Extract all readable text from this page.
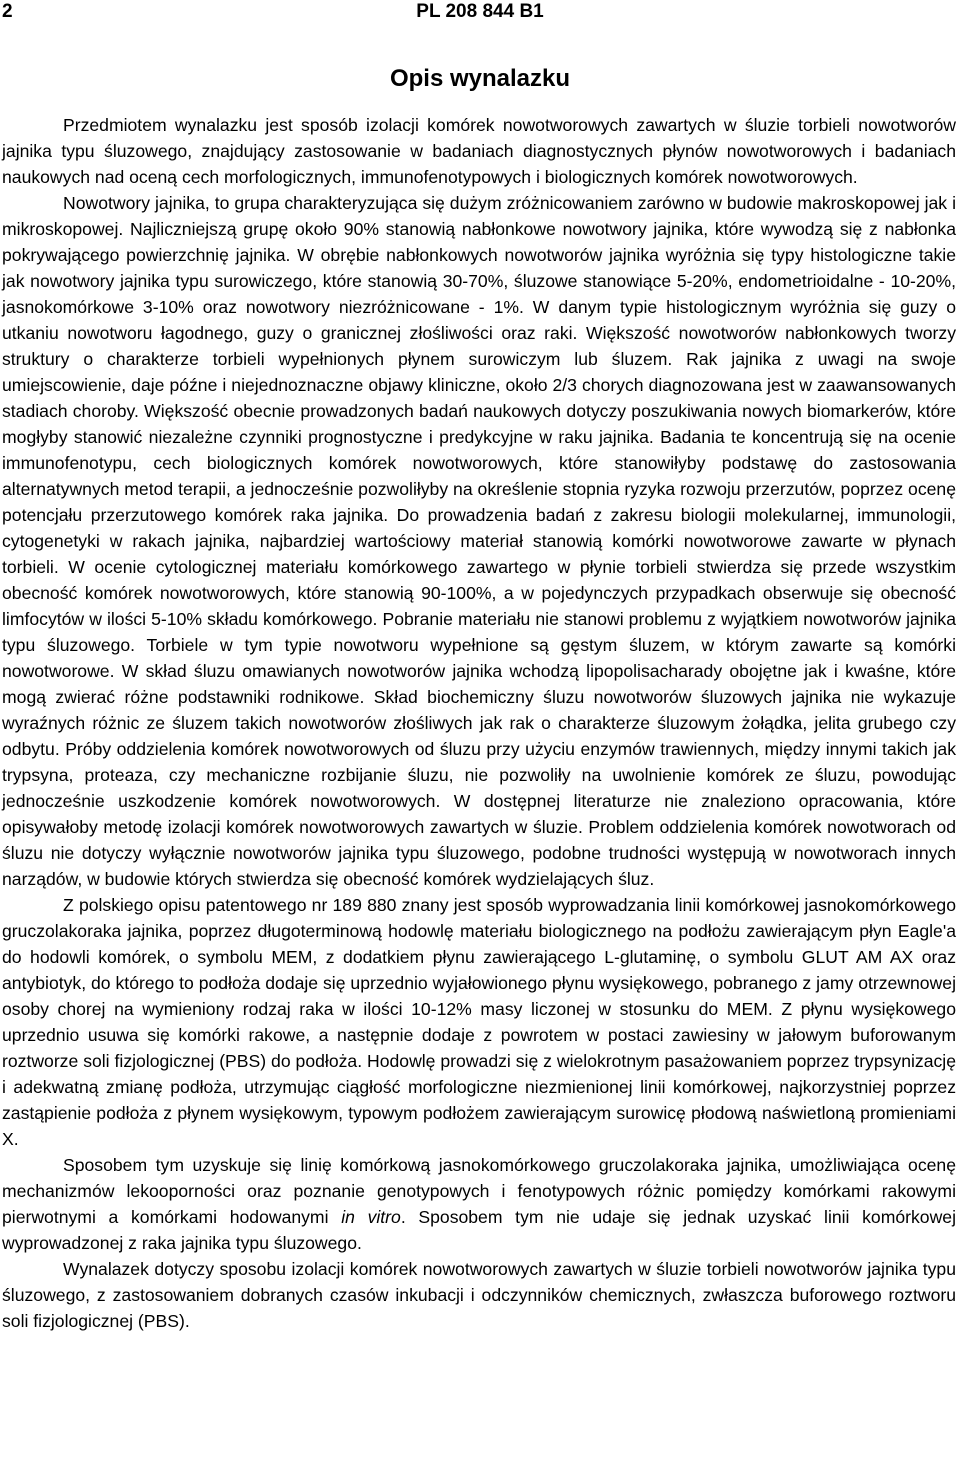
2	PL 208 844 B1
Opis wynalazku

Przedmiotem wynalazku jest sposób izolacji komórek nowotworowych zawartych w śluzie torbieli nowotworów jajnika typu śluzowego, znajdujący zastosowanie w badaniach diagnostycznych płynów nowotworowych i badaniach naukowych nad oceną cech morfologicznych, immunofenotypowych i biologicznych komórek nowotworowych.

Nowotwory jajnika, to grupa charakteryzująca się dużym zróżnicowaniem zarówno w budowie makroskopowej jak i mikroskopowej. Najliczniejszą grupę około 90% stanowią nabłonkowe nowotwory jajnika, które wywodzą się z nabłonka pokrywającego powierzchnię jajnika. W obrębie nabłonkowych nowotworów jajnika wyróżnia się typy histologiczne takie jak nowotwory jajnika typu surowiczego, które stanowią 30-70%, śluzowe stanowiące 5-20%, endometrioidalne - 10-20%, jasnokomórkowe 3-10% oraz nowotwory niezróżnicowane - 1%. W danym typie histologicznym wyróżnia się guzy o utkaniu nowotworu łagodnego, guzy o granicznej złośliwości oraz raki. Większość nowotworów nabłonkowych tworzy struktury o charakterze torbieli wypełnionych płynem surowiczym lub śluzem. Rak jajnika z uwagi na swoje umiejscowienie, daje późne i niejednoznaczne objawy kliniczne, około 2/3 chorych diagnozowana jest w zaawansowanych stadiach choroby. Większość obecnie prowadzonych badań naukowych dotyczy poszukiwania nowych biomarkerów, które mogłyby stanowić niezależne czynniki prognostyczne i predykcyjne w raku jajnika. Badania te koncentrują się na ocenie immunofenotypu, cech biologicznych komórek nowotworowych, które stanowiłyby podstawę do zastosowania alternatywnych metod terapii, a jednocześnie pozwoliłyby na określenie stopnia ryzyka rozwoju przerzutów, poprzez ocenę potencjału przerzutowego komórek raka jajnika. Do prowadzenia badań z zakresu biologii molekularnej, immunologii, cytogenetyki w rakach jajnika, najbardziej wartościowy materiał stanowią komórki nowotworowe zawarte w płynach torbieli. W ocenie cytologicznej materiału komórkowego zawartego w płynie torbieli stwierdza się przede wszystkim obecność komórek nowotworowych, które stanowią 90-100%, a w pojedynczych przypadkach obserwuje się obecność limfocytów w ilości 5-10% składu komórkowego. Pobranie materiału nie stanowi problemu z wyjątkiem nowotworów jajnika typu śluzowego. Torbiele w tym typie nowotworu wypełnione są gęstym śluzem, w którym zawarte są komórki nowotworowe. W skład śluzu omawianych nowotworów jajnika wchodzą lipopolisacharady obojętne jak i kwaśne, które mogą zwierać różne podstawniki rodnikowe. Skład biochemiczny śluzu nowotworów śluzowych jajnika nie wykazuje wyraźnych różnic ze śluzem takich nowotworów złośliwych jak rak o charakterze śluzowym żołądka, jelita grubego czy odbytu. Próby oddzielenia komórek nowotworowych od śluzu przy użyciu enzymów trawiennych, między innymi takich jak trypsyna, proteaza, czy mechaniczne rozbijanie śluzu, nie pozwoliły na uwolnienie komórek ze śluzu, powodując jednocześnie uszkodzenie komórek nowotworowych. W dostępnej literaturze nie znaleziono opracowania, które opisywałoby metodę izolacji komórek nowotworowych zawartych w śluzie. Problem oddzielenia komórek nowotworach od śluzu nie dotyczy wyłącznie nowotworów jajnika typu śluzowego, podobne trudności występują w nowotworach innych narządów, w budowie których stwierdza się obecność komórek wydzielających śluz.

Z polskiego opisu patentowego nr 189 880 znany jest sposób wyprowadzania linii komórkowej jasnokomórkowego gruczolakoraka jajnika, poprzez długoterminową hodowlę materiału biologicznego na podłożu zawierającym płyn Eagle'a do hodowli komórek, o symbolu MEM, z dodatkiem płynu zawierającego L-glutaminę, o symbolu GLUT AM AX oraz antybiotyk, do którego to podłoża dodaje się uprzednio wyjałowionego płynu wysiękowego, pobranego z jamy otrzewnowej osoby chorej na wymieniony rodzaj raka w ilości 10-12% masy liczonej w stosunku do MEM. Z płynu wysiękowego uprzednio usuwa się komórki rakowe, a następnie dodaje z powrotem w postaci zawiesiny w jałowym buforowanym roztworze soli fizjologicznej (PBS) do podłoża. Hodowlę prowadzi się z wielokrotnym pasażowaniem poprzez trypsynizację i adekwatną zmianę podłoża, utrzymując ciągłość morfologiczne niezmienionej linii komórkowej, najkorzystniej poprzez zastąpienie podłoża z płynem wysiękowym, typowym podłożem zawierającym surowicę płodową naświetloną promieniami X.

Sposobem tym uzyskuje się linię komórkową jasnokomórkowego gruczolakoraka jajnika, umożliwiająca ocenę mechanizmów lekooporności oraz poznanie genotypowych i fenotypowych różnic pomiędzy komórkami rakowymi pierwotnymi a komórkami hodowanymi in vitro. Sposobem tym nie udaje się jednak uzyskać linii komórkowej wyprowadzonej z raka jajnika typu śluzowego.

Wynalazek dotyczy sposobu izolacji komórek nowotworowych zawartych w śluzie torbieli nowotworów jajnika typu śluzowego, z zastosowaniem dobranych czasów inkubacji i odczynników chemicznych, zwłaszcza buforowego roztworu soli fizjologicznej (PBS).
